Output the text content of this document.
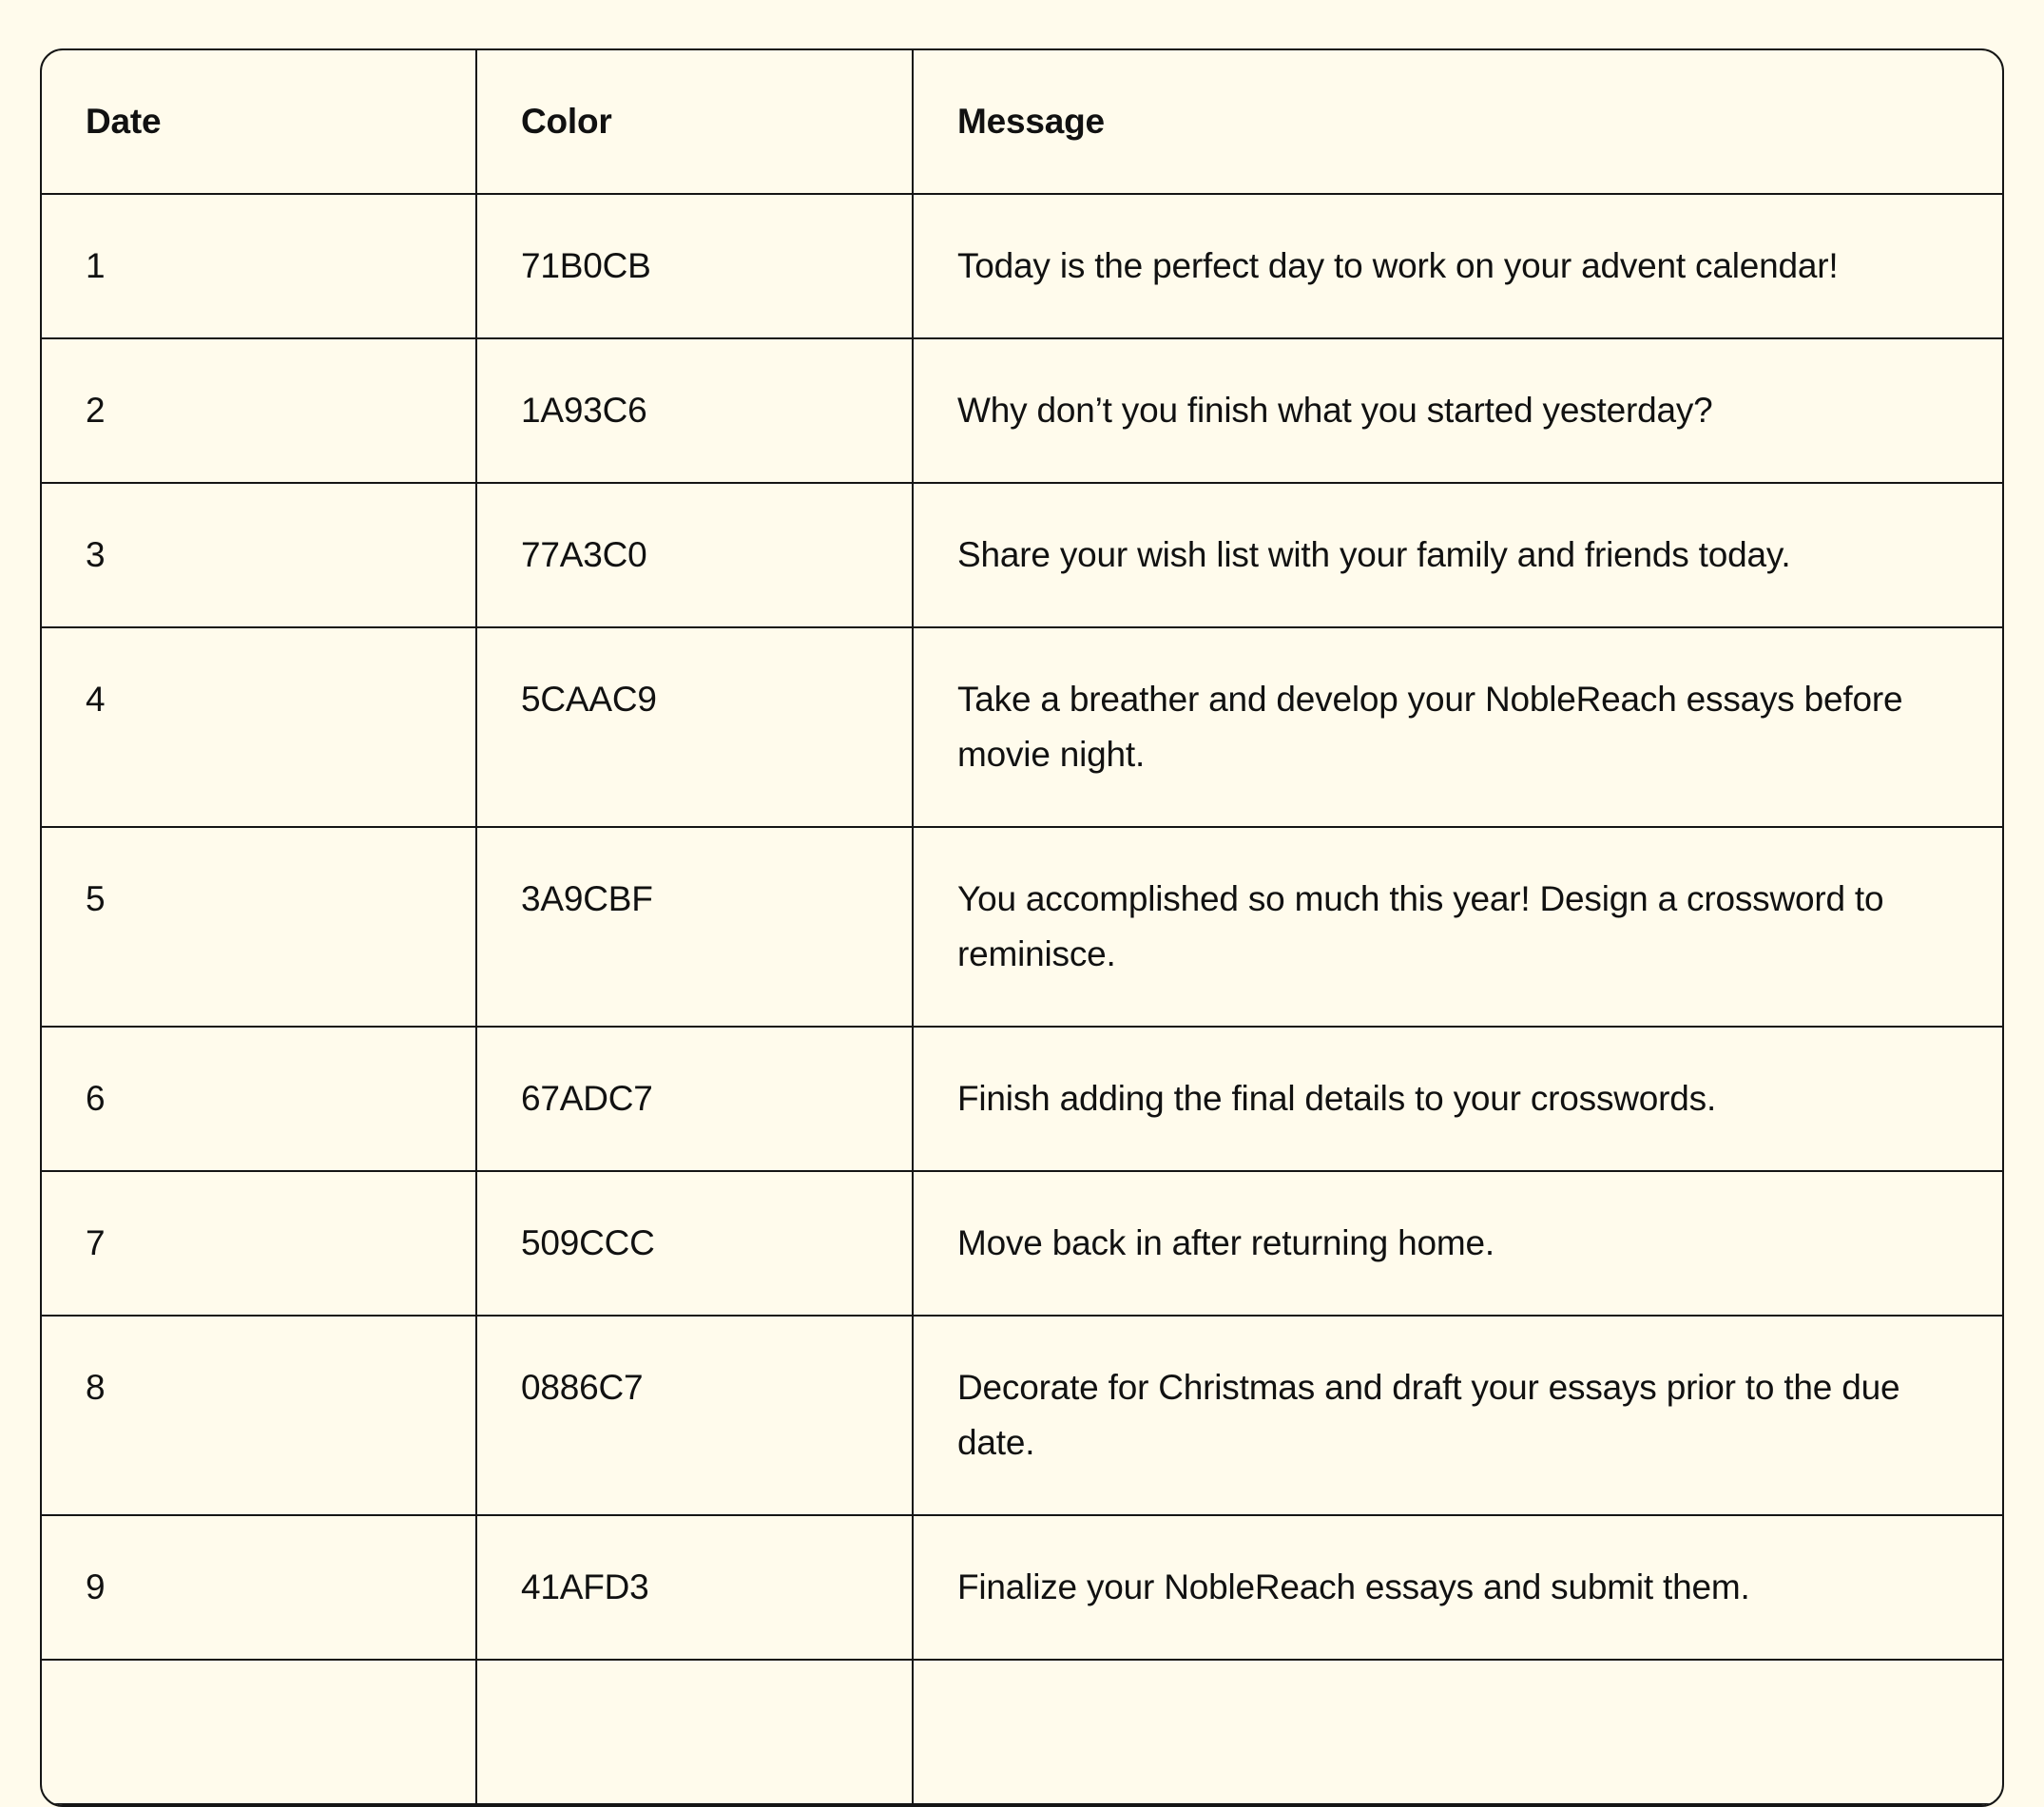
Date	Color	Message
1	71B0CB	Today is the perfect day to work on your advent calendar!
2	1A93C6	Why don’t you finish what you started yesterday?
3	77A3C0	Share your wish list with your family and friends today.
4	5CAAC9	Take a breather and develop your NobleReach essays before movie night.
5	3A9CBF	You accomplished so much this year! Design a crossword to reminisce.
6	67ADC7	Finish adding the final details to your crosswords.
7	509CCC	Move back in after returning home.
8	0886C7	Decorate for Christmas and draft your essays prior to the due date.
9	41AFD3	Finalize your NobleReach essays and submit them.
